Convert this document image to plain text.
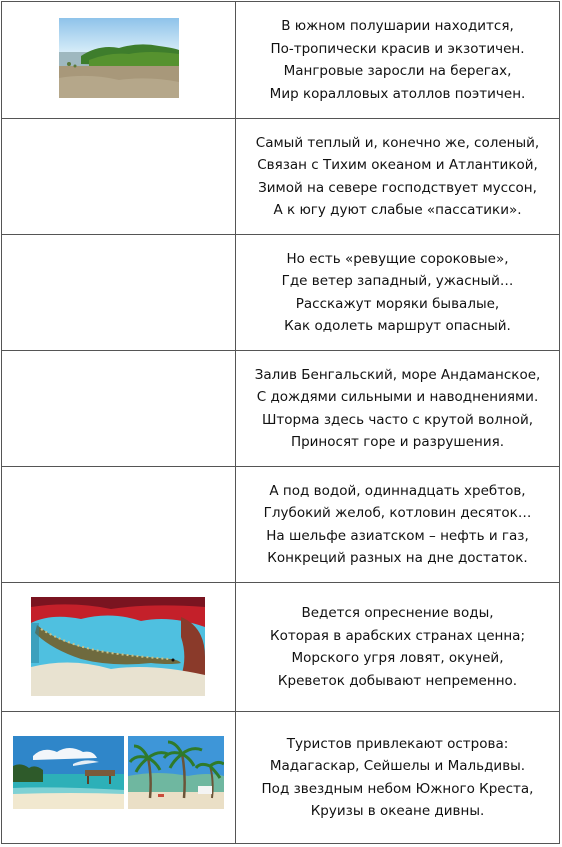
В южном полушарии находится,
По-тропически красив и экзотичен.
Мангровые заросли на берегах,
Мир коралловых атоллов поэтичен.

	Самый теплый и, конечно же, соленый,
Связан с Тихим океаном и Атлантикой,
Зимой на севере господствует муссон,
А к югу дуют слабые «пассатики».

	Но есть «ревущие сороковые»,
Где ветер западный, ужасный…
Расскажут моряки бывалые,
Как одолеть маршрут опасный.

	Залив Бенгальский, море Андаманское,
С дождями сильными и наводнениями.
Шторма здесь часто с крутой волной,
Приносят горе и разрушения.

	А под водой, одиннадцать хребтов,
Глубокий желоб, котловин десяток…
На шельфе азиатском – нефть и газ,
Конкреций разных на дне достаток.

Ведется опреснение воды,
Которая в арабских странах ценна;
Морского угря ловят, окуней,
Креветок добывают непременно.

Туристов привлекают острова:
Мадагаскар, Сейшелы и Мальдивы.
Под звездным небом Южного Креста,
Круизы в океане дивны.
